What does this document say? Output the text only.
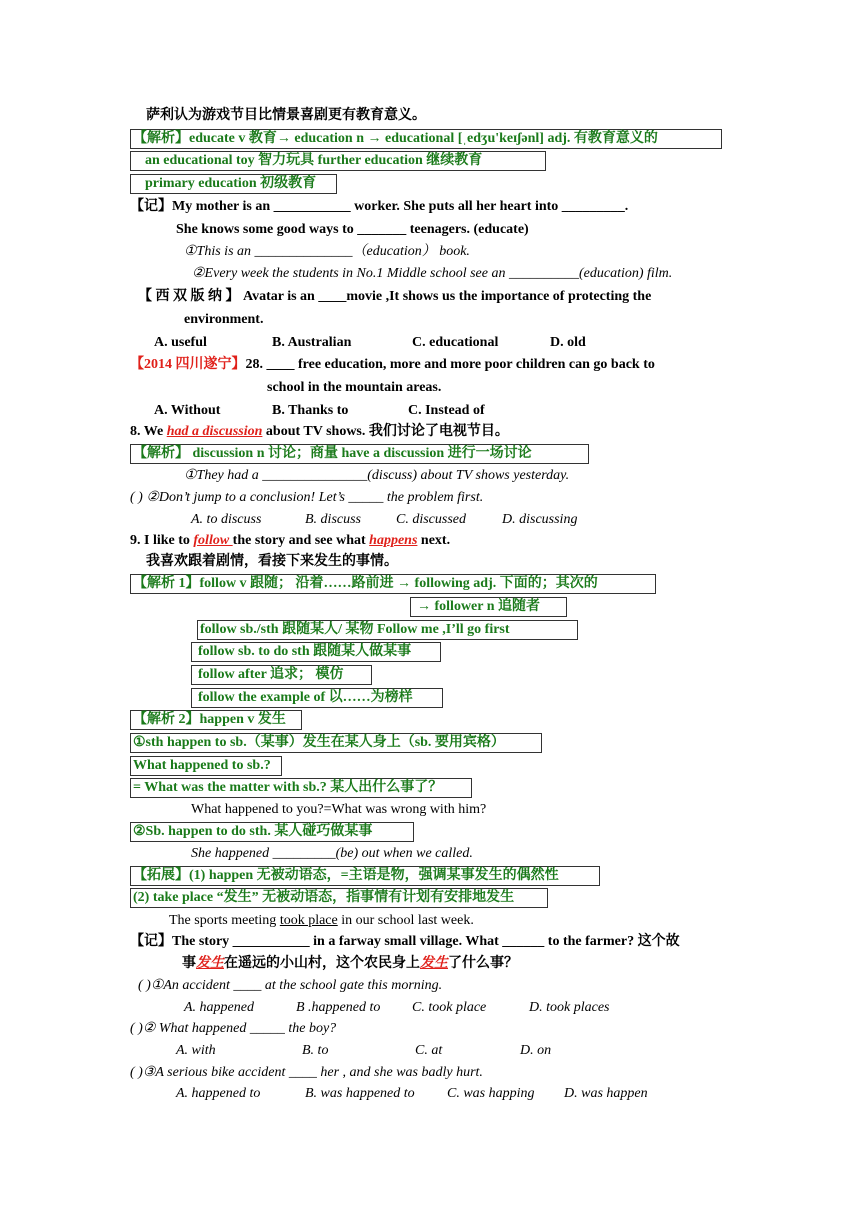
萨利认为游戏节目比情景喜剧更有教育意义。
【解析】educate v 教育→ education n → educational [ˌedʒu'keɪʃənl] adj. 有教育意义的
an educational toy 智力玩具 further education 继续教育
primary education 初级教育
【记】My mother is an ___________ worker. She puts all her heart into _________.
She knows some good ways to _______ teenagers. (educate)
①This is an ______________（education） book.
②Every week the students in No.1 Middle school see an __________(education) film.
【 西 双 版 纳 】 Avatar is an ____movie ,It shows us the importance of protecting the
environment.
A. useful	B. Australian	C. educational	D. old
【2014 四川遂宁】28. ____ free education, more and more poor children can go back to
school in the mountain areas.
A. Without	B. Thanks to	C. Instead of
8. We had a discussion about TV shows. 我们讨论了电视节目。
【解析】 discussion n 讨论；商量 have a discussion 进行一场讨论
①They had a _______________(discuss) about TV shows yesterday.
( ) ②Don’t jump to a conclusion! Let’s _____ the problem first.
A. to discuss	B. discuss	C. discussed	D. discussing
9. I like to follow the story and see what happens next.
我喜欢跟着剧情，看接下来发生的事情。
【解析 1】follow v 跟随； 沿着……路前进 → following adj. 下面的；其次的
→ follower n 追随者
follow sb./sth 跟随某人/ 某物 Follow me ,I’ll go first
follow sb. to do sth 跟随某人做某事
follow after 追求； 模仿
follow the example of 以……为榜样
【解析 2】happen v 发生
①sth happen to sb.（某事）发生在某人身上（sb. 要用宾格）
What happened to sb.?
= What was the matter with sb.? 某人出什么事了？
What happened to you?=What was wrong with him?
②Sb. happen to do sth. 某人碰巧做某事
She happened _________(be) out when we called.
【拓展】(1) happen 无被动语态，=主语是物，强调某事发生的偶然性
(2) take place “发生” 无被动语态，指事情有计划有安排地发生
The sports meeting took place in our school last week.
【记】The story ___________ in a farway small village. What ______ to the farmer? 这个故
事发生在遥远的小山村，这个农民身上发生了什么事？
( )①An accident ____ at the school gate this morning.
A. happened	B .happened to C. took place	D. took places
( )② What happened _____ the boy?
A. with	B. to	C. at	D. on
( )③A serious bike accident ____ her , and she was badly hurt.
A. happened to	B. was happened to C. was happing D. was happen
